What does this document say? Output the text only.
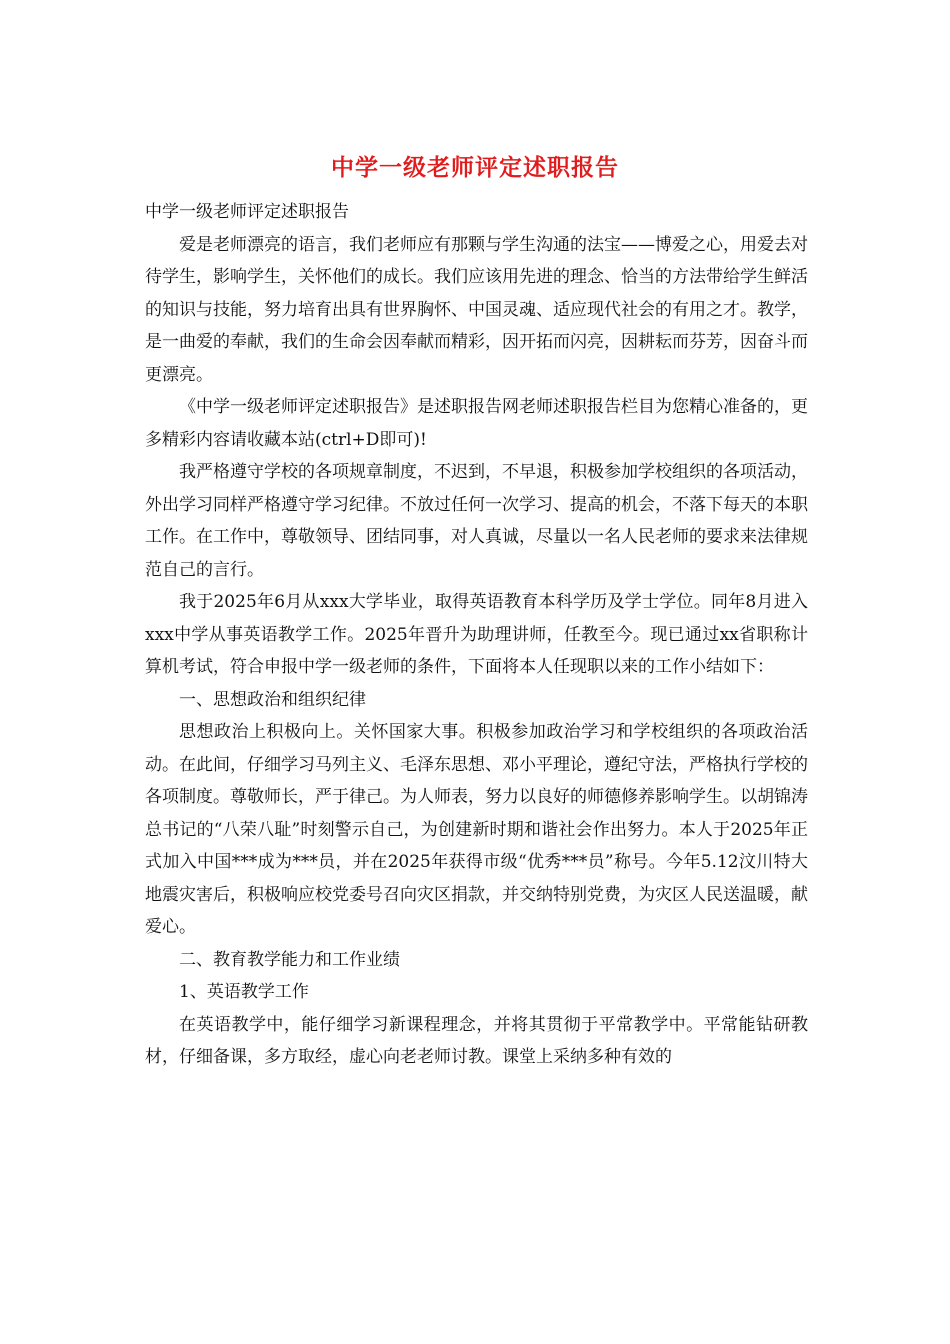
中学一级老师评定述职报告

中学一级老师评定述职报告

爱是老师漂亮的语言，我们老师应有那颗与学生沟通的法宝——博爱之心，用爱去对待学生，影响学生，关怀他们的成长。我们应该用先进的理念、恰当的方法带给学生鲜活的知识与技能，努力培育出具有世界胸怀、中国灵魂、适应现代社会的有用之才。教学，是一曲爱的奉献，我们的生命会因奉献而精彩，因开拓而闪亮，因耕耘而芬芳，因奋斗而更漂亮。

《中学一级老师评定述职报告》是述职报告网老师述职报告栏目为您精心准备的，更多精彩内容请收藏本站(ctrl+D即可)!

我严格遵守学校的各项规章制度，不迟到，不早退，积极参加学校组织的各项活动，外出学习同样严格遵守学习纪律。不放过任何一次学习、提高的机会，不落下每天的本职工作。在工作中，尊敬领导、团结同事，对人真诚，尽量以一名人民老师的要求来法律规范自己的言行。

我于2025年6月从xxx大学毕业，取得英语教育本科学历及学士学位。同年8月进入xxx中学从事英语教学工作。2025年晋升为助理讲师，任教至今。现已通过xx省职称计算机考试，符合申报中学一级老师的条件，下面将本人任现职以来的工作小结如下：

一、思想政治和组织纪律

思想政治上积极向上。关怀国家大事。积极参加政治学习和学校组织的各项政治活动。在此间，仔细学习马列主义、毛泽东思想、邓小平理论，遵纪守法，严格执行学校的各项制度。尊敬师长，严于律己。为人师表，努力以良好的师德修养影响学生。以胡锦涛总书记的“八荣八耻”时刻警示自己，为创建新时期和谐社会作出努力。本人于2025年正式加入中国***成为***员，并在2025年获得市级“优秀***员”称号。今年5.12汶川特大地震灾害后，积极响应校党委号召向灾区捐款，并交纳特别党费，为灾区人民送温暖，献爱心。

二、教育教学能力和工作业绩

1、英语教学工作

在英语教学中，能仔细学习新课程理念，并将其贯彻于平常教学中。平常能钻研教材，仔细备课，多方取经，虚心向老老师讨教。课堂上采纳多种有效的
